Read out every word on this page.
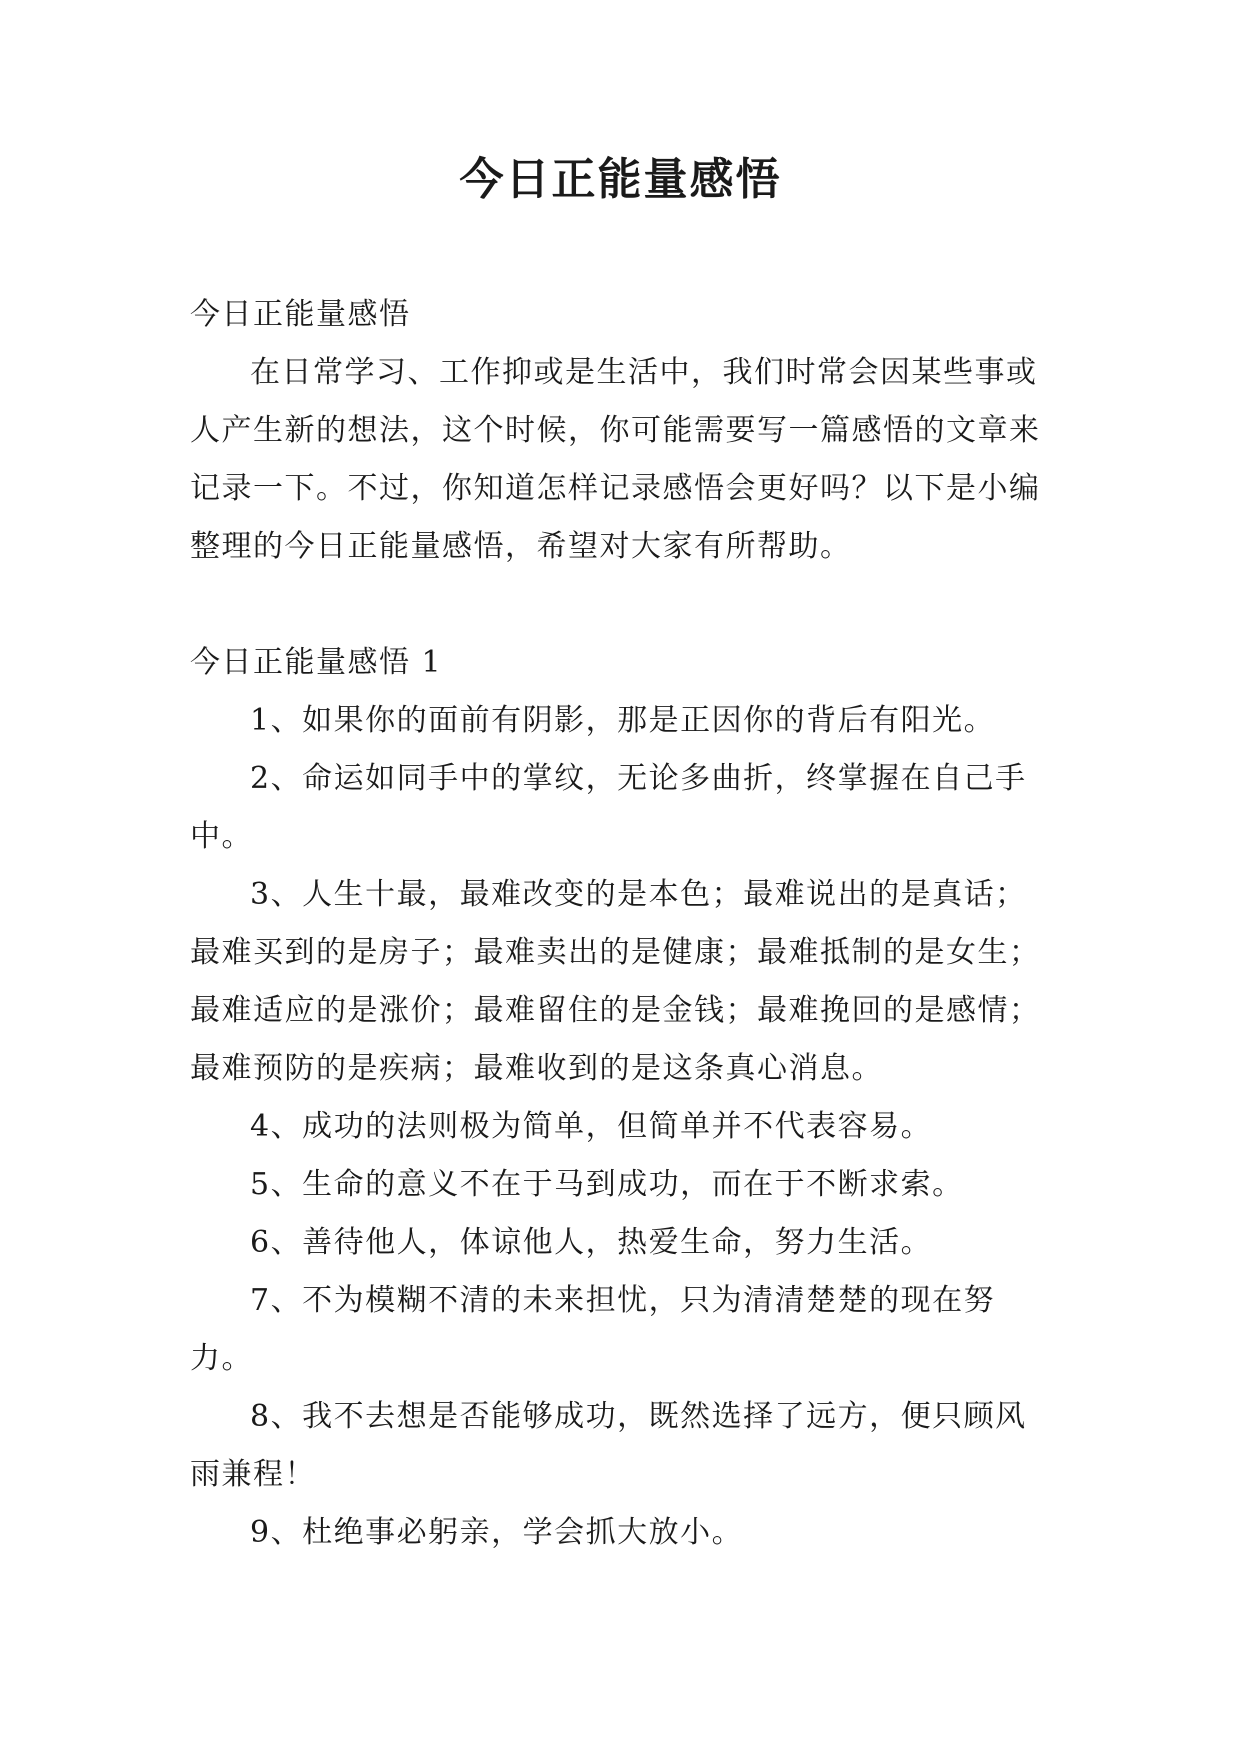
今日正能量感悟

今日正能量感悟

在日常学习、工作抑或是生活中，我们时常会因某些事或人产生新的想法，这个时候，你可能需要写一篇感悟的文章来记录一下。不过，你知道怎样记录感悟会更好吗？以下是小编整理的今日正能量感悟，希望对大家有所帮助。

今日正能量感悟 1

1、如果你的面前有阴影，那是正因你的背后有阳光。

2、命运如同手中的掌纹，无论多曲折，终掌握在自己手中。

3、人生十最，最难改变的是本色；最难说出的是真话；最难买到的是房子；最难卖出的是健康；最难抵制的是女生；最难适应的是涨价；最难留住的是金钱；最难挽回的是感情；最难预防的是疾病；最难收到的是这条真心消息。

4、成功的法则极为简单，但简单并不代表容易。

5、生命的意义不在于马到成功，而在于不断求索。

6、善待他人，体谅他人，热爱生命，努力生活。

7、不为模糊不清的未来担忧，只为清清楚楚的现在努力。

8、我不去想是否能够成功，既然选择了远方，便只顾风雨兼程！

9、杜绝事必躬亲，学会抓大放小。
